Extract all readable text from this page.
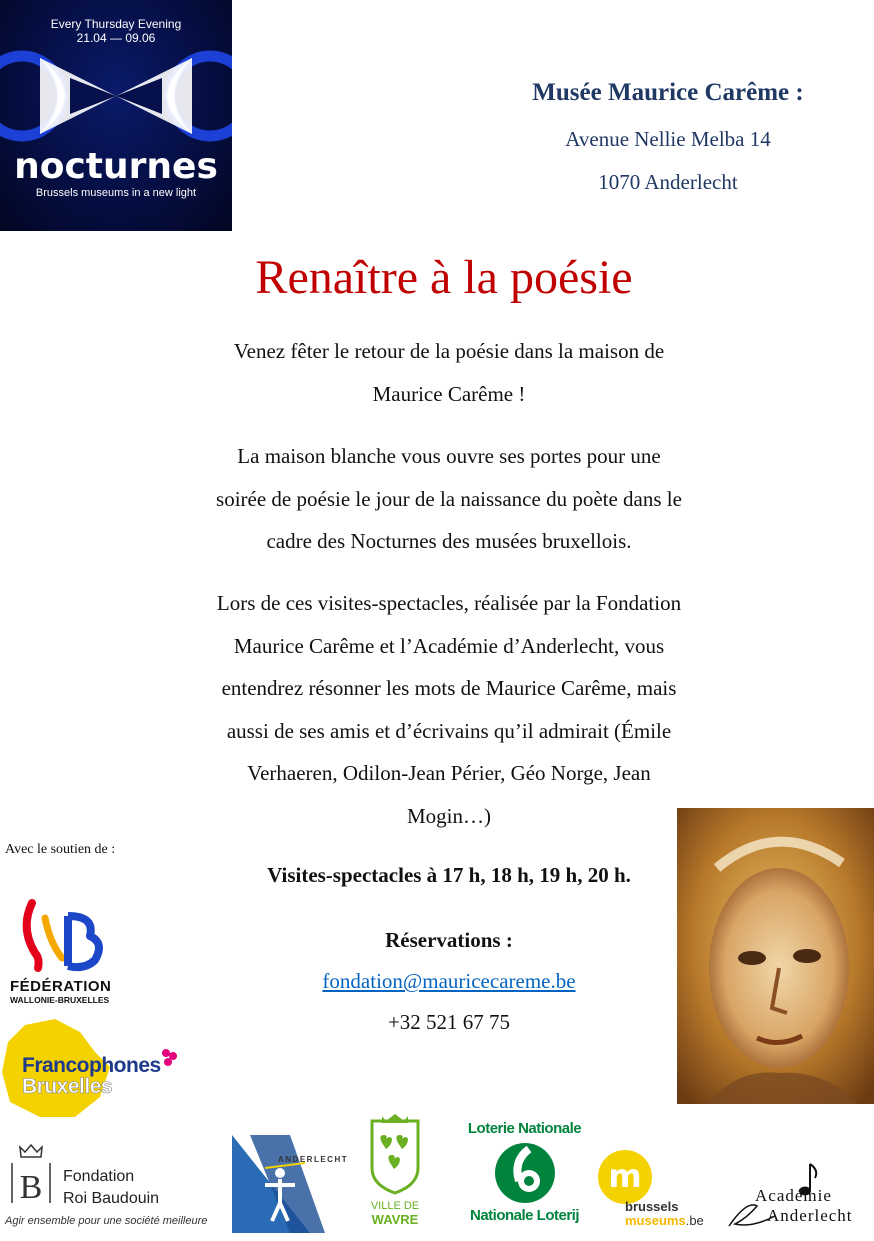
Every Thursday Evening
21.04 — 09.06
nocturnes
Brussels museums in a new light
Musée Maurice Carême :
Avenue Nellie Melba 14
1070 Anderlecht
Renaître à la poésie
Venez fêter le retour de la poésie dans la maison de
Maurice Carême !
La maison blanche vous ouvre ses portes pour une
soirée de poésie le jour de la naissance du poète dans le
cadre des Nocturnes des musées bruxellois.
Lors de ces visites-spectacles, réalisée par la Fondation
Maurice Carême et l’Académie d’Anderlecht, vous
entendrez résonner les mots de Maurice Carême, mais
aussi de ses amis et d’écrivains qu’il admirait (Émile
Verhaeren, Odilon-Jean Périer, Géo Norge, Jean
Mogin…)
Avec le soutien de :
Visites-spectacles à 17 h, 18 h, 19 h, 20 h.
Réservations :
fondation@mauricecareme.be
+32 521 67 75
FÉDÉRATION
WALLONIE-BRUXELLES
Francophones
Bruxelles
B Fondation
Roi Baudouin
Agir ensemble pour une société meilleure
ANDERLECHT
VILLE DE
WAVRE
Loterie Nationale
Nationale Loterij
m
brussels
museums.be
Académie
Anderlecht
